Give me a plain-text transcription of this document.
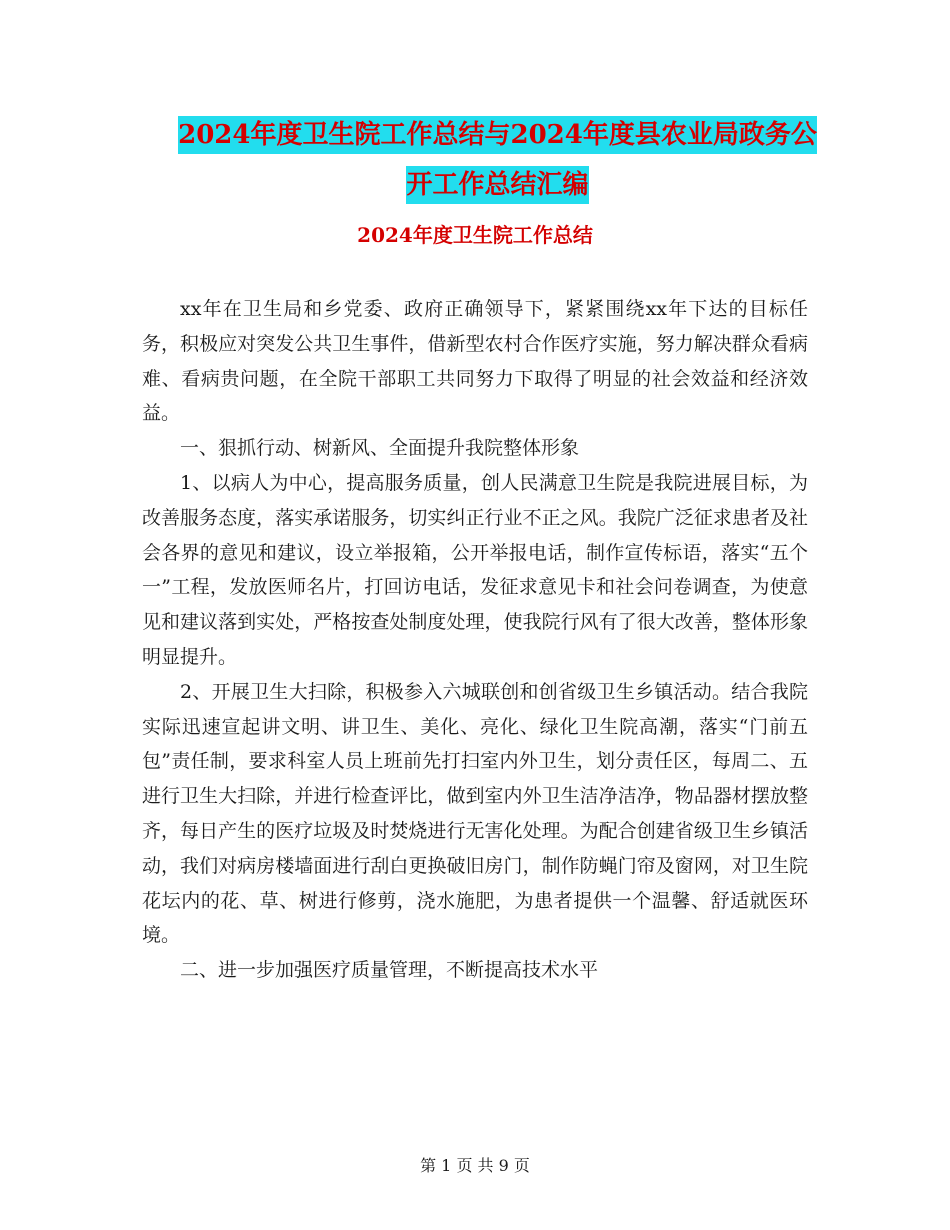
2024年度卫生院工作总结与2024年度县农业局政务公
开工作总结汇编
2024年度卫生院工作总结

xx年在卫生局和乡党委、政府正确领导下，紧紧围绕xx年下达的目标任务，积极应对突发公共卫生事件，借新型农村合作医疗实施，努力解决群众看病难、看病贵问题，在全院干部职工共同努力下取得了明显的社会效益和经济效益。

一、狠抓行动、树新风、全面提升我院整体形象

1、以病人为中心，提高服务质量，创人民满意卫生院是我院进展目标，为改善服务态度，落实承诺服务，切实纠正行业不正之风。我院广泛征求患者及社会各界的意见和建议，设立举报箱，公开举报电话，制作宣传标语，落实“五个一”工程，发放医师名片，打回访电话，发征求意见卡和社会问卷调查，为使意见和建议落到实处，严格按查处制度处理，使我院行风有了很大改善，整体形象明显提升。

2、开展卫生大扫除，积极参入六城联创和创省级卫生乡镇活动。结合我院实际迅速宣起讲文明、讲卫生、美化、亮化、绿化卫生院高潮，落实“门前五包”责任制，要求科室人员上班前先打扫室内外卫生，划分责任区，每周二、五进行卫生大扫除，并进行检查评比，做到室内外卫生洁净洁净，物品器材摆放整齐，每日产生的医疗垃圾及时焚烧进行无害化处理。为配合创建省级卫生乡镇活动，我们对病房楼墙面进行刮白更换破旧房门，制作防蝇门帘及窗网，对卫生院花坛内的花、草、树进行修剪，浇水施肥，为患者提供一个温馨、舒适就医环境。

二、进一步加强医疗质量管理，不断提高技术水平

第 1 页 共 9 页
